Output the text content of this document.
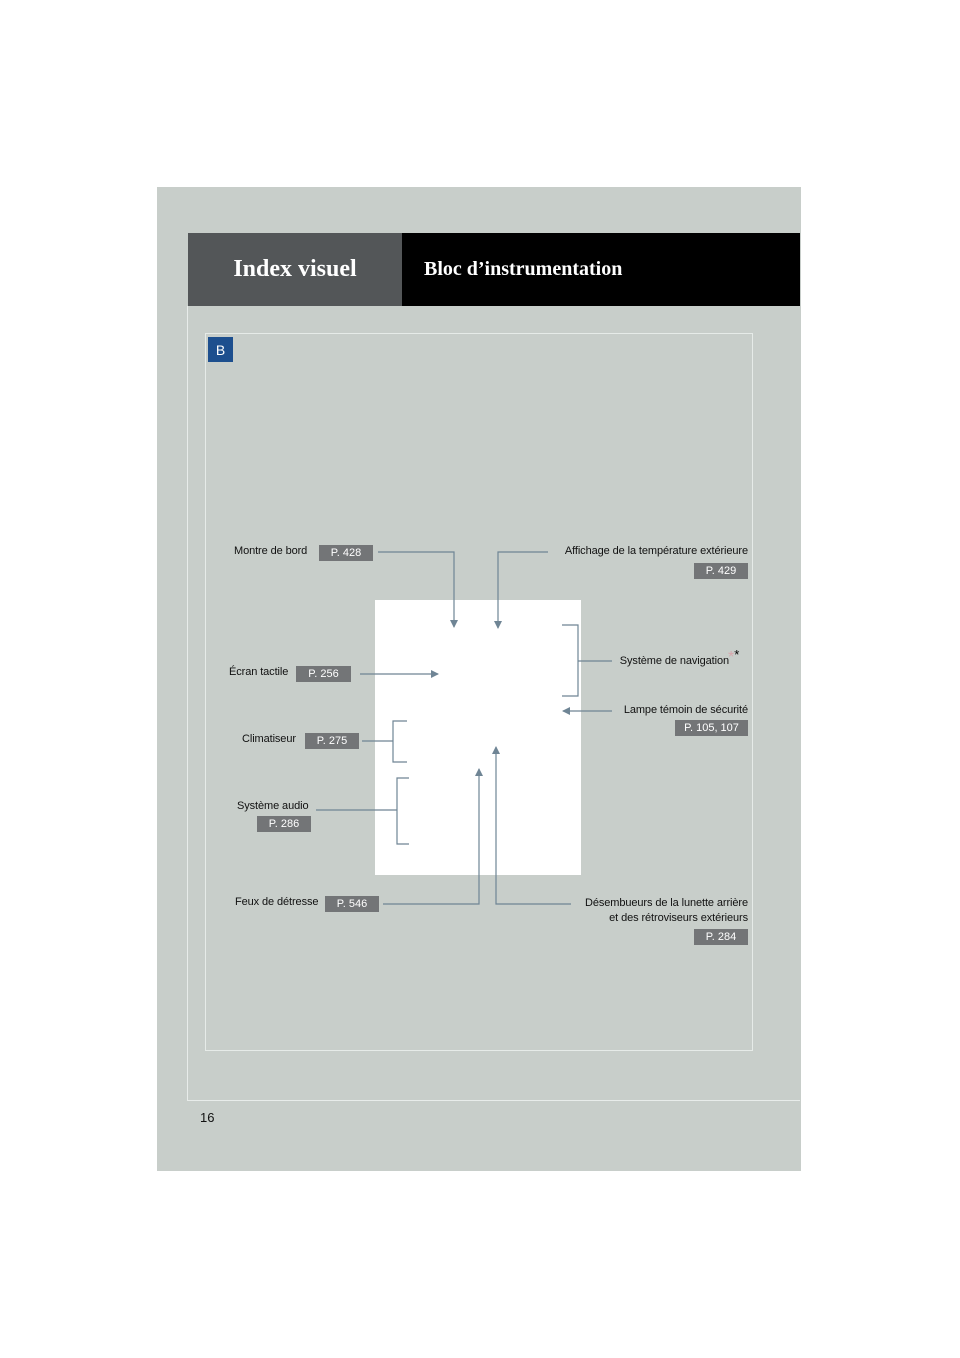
Index visuel	Bloc d’instrumentation
B
Montre de bord	P. 428	Affichage de la température extérieure
P. 429
Écran tactile	P. 256
Système de navigation **
Lampe témoin de sécurité
P. 105, 107
Climatiseur	P. 275
Système audio
P. 286
Feux de détresse	P. 546	Désembueurs de la lunette arrière
et des rétroviseurs extérieurs
P. 284
16
